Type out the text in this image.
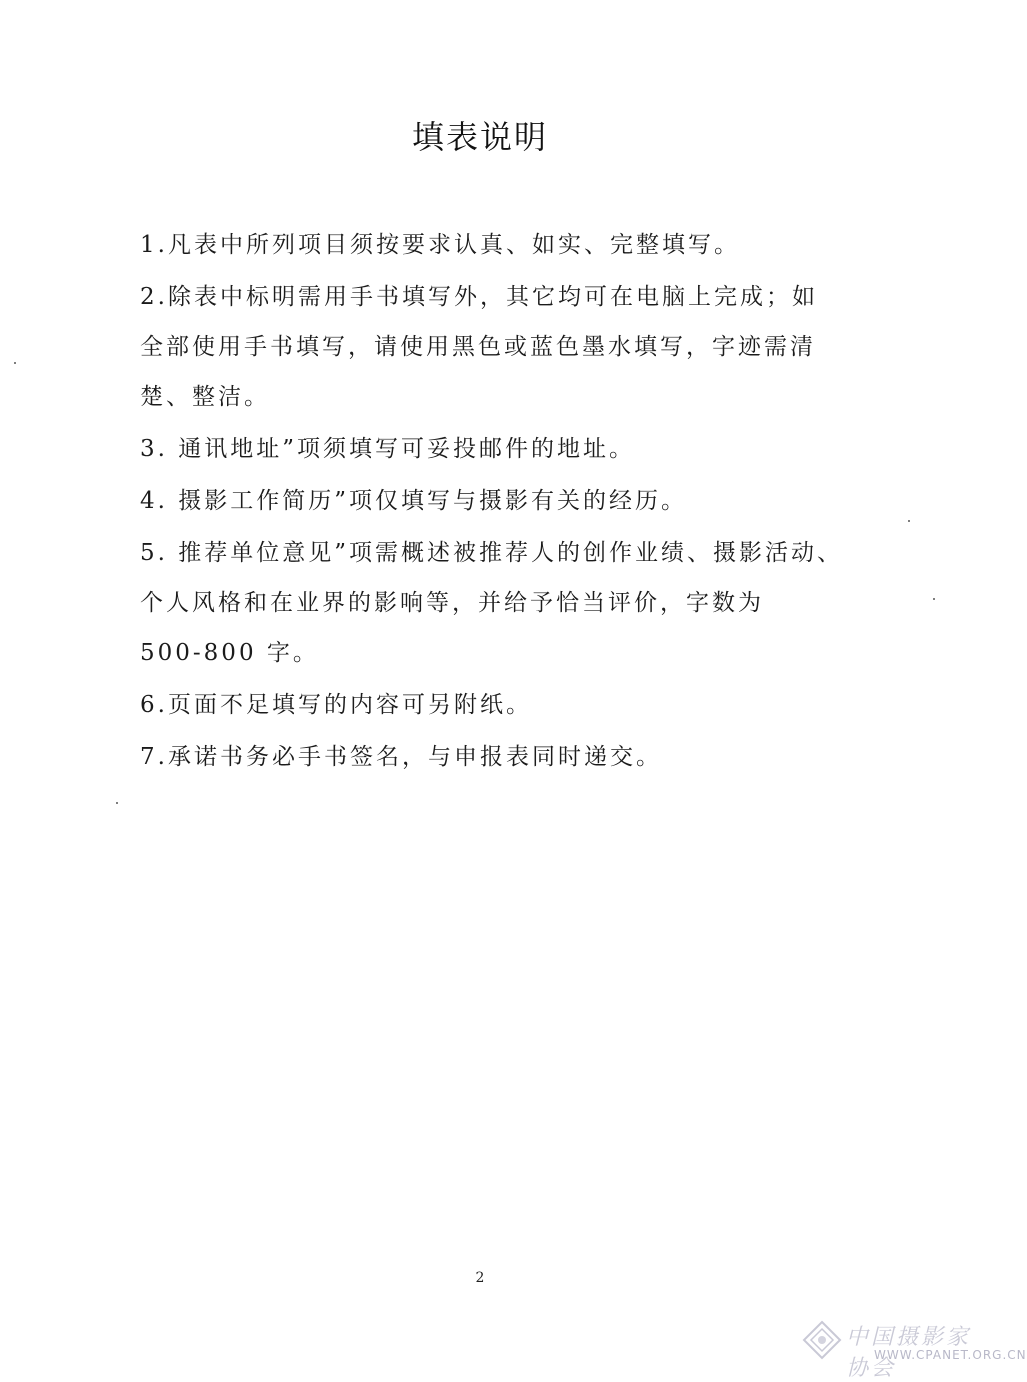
填表说明
1.凡表中所列项目须按要求认真、如实、完整填写。
2.除表中标明需用手书填写外，其它均可在电脑上完成；如
全部使用手书填写，请使用黑色或蓝色墨水填写，字迹需清
楚、整洁。
3. 通讯地址”项须填写可妥投邮件的地址。
4. 摄影工作简历”项仅填写与摄影有关的经历。
5. 推荐单位意见”项需概述被推荐人的创作业绩、摄影活动、
个人风格和在业界的影响等，并给予恰当评价，字数为
500-800 字。
6.页面不足填写的内容可另附纸。
7.承诺书务必手书签名，与申报表同时递交。
2
中国摄影家协会
WWW.CPANET.ORG.CN
